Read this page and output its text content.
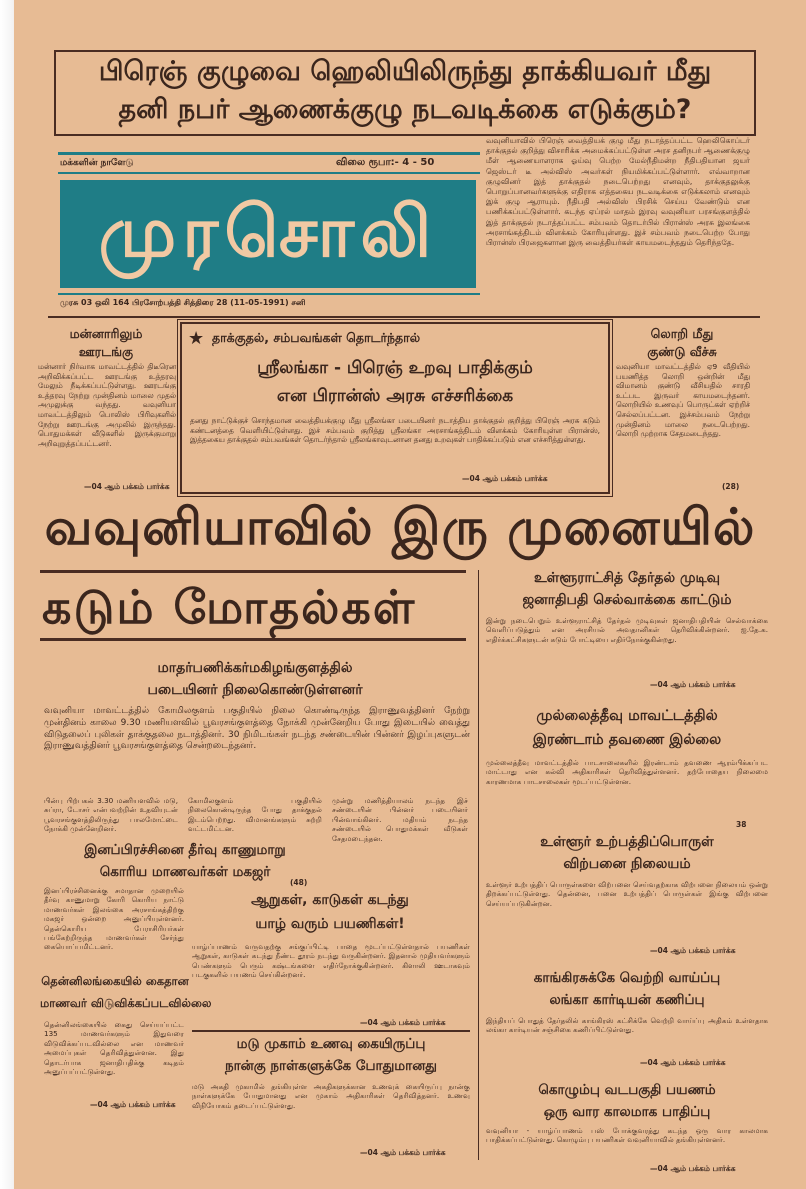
பிரெஞ் குழுவை ஹெலியிலிருந்து தாக்கியவர் மீது
தனி நபர் ஆணைக்குழு நடவடிக்கை எடுக்கும்?
மக்களின் நாளேடு	விலை ரூபா:- 4 - 50
முரசொலி
முரசு 03 ஒலி 164 பிரசோற்பத்தி சித்திரை 28 (11-05-1991) சனி
வவுனியாவில் பிரெஞ் வைத்தியக் குழு மீது நடாத்தப்பட்ட ஹெலிகொப்டர் தாக்குதல் குறித்து விசாரிக்க அமைக்கப்பட்டுள்ள அரச தனிநபர் ஆணைக்குழு மீள் ஆணையாளராக ஓய்வு பெற்ற மேல்நீதிமன்ற நீதிபதியான ஜயர் ஜெஸ்டர் டீ அல்விஸ் அவர்கள் நியமிக்கப்பட்டுள்ளார். எவ்வாறான குழுவினர் இத் தாக்குதல் நடைபெற்றது எனவும், தாக்குதலுக்கு பொறுப்பானவர்களுக்கு எதிராக எத்தகைய நடவடிக்கை எடுக்கலாம் எனவும் இக் குழு ஆராயும். நீதிபதி அல்விஸ் பிரசிக் செய்ய வேண்டும் என பணிக்கப்பட்டுள்ளார். கடந்த ஏப்ரல் மாதம் இரவு வவுனியா பரசங்குளத்தில் இத் தாக்குதல் நடாத்தப்பட்ட சம்பவம் தொடர்பில் பிரான்ஸ் அரசு இலங்கை அரசாங்கத்திடம் விளக்கம் கோரியுள்ளது. இச் சம்பவம் நடைபெற்ற போது பிரான்ஸ் பிரஜைகளான இரு வைத்தியர்கள் காயமடைந்ததும் தெரிந்ததே.
மன்னாரிலும்
ஊரடங்கு
மன்னார் நிர்வாக மாவட்டத்தில் திடீரென அறிவிக்கப்பட்ட ஊரடங்கு உத்தரவு மேலும் நீடிக்கப்பட்டுள்ளது. ஊரடங்கு உத்தரவு நேற்று முன்தினம் மாலை முதல் அமுலுக்கு வந்தது. வவுனியா மாவட்டத்திலும் பொலிஸ் பிரிவுகளில் நேற்று ஊரடங்கு அமுலில் இருந்தது. பொதுமக்கள் வீடுகளில் இருக்குமாறு அறிவுறுத்தப்பட்டனர்.
—04 ஆம் பக்கம் பார்க்க
★ தாக்குதல், சம்பவங்கள் தொடர்ந்தால்
ஸ்ரீலங்கா - பிரெஞ் உறவு பாதிக்கும்
என பிரான்ஸ் அரசு எச்சரிக்கை
தனது நாட்டுக்குச் சொந்தமான வைத்தியக்குழு மீது ஸ்ரீலங்கா படையினர் நடாத்திய தாக்குதல் குறித்து பிரெஞ் அரசு கடும் கண்டனத்தை வெளியிட்டுள்ளது. இச் சம்பவம் குறித்து ஸ்ரீலங்கா அரசாங்கத்திடம் விளக்கம் கோரியுள்ள பிரான்ஸ், இத்தகைய தாக்குதல் சம்பவங்கள் தொடர்ந்தால் ஸ்ரீலங்காவுடனான தனது உறவுகள் பாதிக்கப்படும் என எச்சரித்துள்ளது.
—04 ஆம் பக்கம் பார்க்க
லொறி மீது
குண்டு வீச்சு
வவுனியா மாவட்டத்தில் ஏ9 வீதியில் பயணித்த லொறி ஒன்றின் மீது விமானம் குண்டு வீசியதில் சாரதி உட்பட இருவர் காயமடைந்தனர். லொறியில் உணவுப் பொருட்கள் ஏற்றிச் செல்லப்பட்டன. இச்சம்பவம் நேற்று முன்தினம் மாலை நடைபெற்றது. லொறி முற்றாக சேதமடைந்தது.
(28)
வவுனியாவில் இரு முனையில்
கடும் மோதல்கள்
மாதர்பணிக்கர்மகிழங்குளத்தில்
படையினர் நிலைகொண்டுள்ளனர்
வவுனியா மாவட்டத்தில் கோமிலகுளம் பகுதியில் நிலை கொண்டிருந்த இராணுவத்தினர் நேற்று முன்தினம் காலை 9.30 மணியளவில் பூவரசங்குளத்தை நோக்கி முன்னேறிய போது இடையில் வைத்து விடுதலைப் புலிகள் தாக்குதலை நடாத்தினர். 30 நிமிடங்கள் நடந்த சண்டையின் பின்னர் இழப்புகளுடன் இராணுவத்தினர் பூவரசங்குளத்தை சென்றடைந்தனர்.
பின்பு பிற்பகல் 3.30 மணியளவில் மடு, சுப்ரா, டோசர் என்பவற்றின் உதவியுடன் பூவரசங்குளத்திலிருந்து பாலமோட்டை நோக்கி முன்னேறினர்.
கோமிலகுளம் பகுதியில் நிலைகொண்டிருந்த போது தாக்குதல் இடம்பெற்றது. விமானங்களும் சுற்றி வட்டமிட்டன.
முன்று மணித்தியாலம் நடந்த இச் சண்டையின் பின்னர் படையினர் பின்வாங்கினர். மதியம் நடந்த சண்டையில் பொதுமக்கள் வீடுகள் சேதமடைந்தன.
இனப்பிரச்சினை தீர்வு காணுமாறு
கொரிய மாணவர்கள் மகஜர்
இனப்பிரச்சினைக்கு சமாதான முறையில் தீர்வு காணுமாறு கோரி கொரிய நாட்டு மாணவர்கள் இலங்கை அரசாங்கத்திற்கு மகஜர் ஒன்றை அனுப்பியுள்ளனர். தென்கொரிய பேராசிரியர்கள் பங்கேற்றிருந்த மாணவர்கள் சேர்ந்து கையொப்பமிட்டனர்.
(48)
ஆறுகள், காடுகள் கடந்து
யாழ் வரும் பயணிகள்!
யாழ்ப்பாணம் வருவதற்கு சங்குப்பிட்டி பாதை மூடப்பட்டுள்ளதால் பயணிகள் ஆறுகள், காடுகள் கடந்து நீண்ட தூரம் நடந்து வருகின்றனர். இதனால் முதியவர்களும் பெண்களும் பெரும் கஷ்டங்களை எதிர்நோக்குகின்றனர். கிளாலி ஊடாகவும் படகுகளில் பயணம் செய்கின்றனர்.
—04 ஆம் பக்கம் பார்க்க
தென்னிலங்கையில் கைதான
மாணவர் விடுவிக்கப்படவில்லை
தென்னிலங்கையில் கைது செய்யப்பட்ட 135 மாணவர்களும் இதுவரை விடுவிக்கப்படவில்லை என மாணவர் அமைப்புகள் தெரிவித்துள்ளன. இது தொடர்பாக ஜனாதிபதிக்கு கடிதம் அனுப்பப்பட்டுள்ளது.
—04 ஆம் பக்கம் பார்க்க
மடு முகாம் உணவு கையிருப்பு
நான்கு நாள்களுக்கே போதுமானது
மடு அகதி முகாமில் தங்கியுள்ள அகதிகளுக்கான உணவுக் கையிருப்பு நான்கு நாள்களுக்கே போதுமானது என முகாம் அதிகாரிகள் தெரிவித்தனர். உணவு விநியோகம் தடைப்பட்டுள்ளது.
—04 ஆம் பக்கம் பார்க்க
உள்ளூராட்சித் தேர்தல் முடிவு
ஜனாதிபதி செல்வாக்கை காட்டும்
இன்று நடைபெறும் உள்ளூராட்சித் தேர்தல் முடிவுகள் ஜனாதிபதியின் செல்வாக்கை வெளிப்படுத்தும் என அரசியல் அவதானிகள் தெரிவிக்கின்றனர். ஐ.தே.க. எதிர்க்கட்சிகளுடன் கடும் போட்டியை எதிர்நோக்குகின்றது.
—04 ஆம் பக்கம் பார்க்க
முல்லைத்தீவு மாவட்டத்தில்
இரண்டாம் தவணை இல்லை
முல்லைத்தீவு மாவட்டத்தில் பாடசாலைகளில் இரண்டாம் தவணை ஆரம்பிக்கப்பட மாட்டாது என கல்வி அதிகாரிகள் தெரிவித்துள்ளனர். தற்போதைய நிலைமை காரணமாக பாடசாலைகள் மூடப்பட்டுள்ளன.
38
உள்ளூர் உற்பத்திப்பொருள்
விற்பனை நிலையம்
உள்ளூர் உற்பத்திப் பொருள்களை விற்பனை செய்வதற்காக விற்பனை நிலையம் ஒன்று திறக்கப்பட்டுள்ளது. தென்னை, பனை உற்பத்திப் பொருள்கள் இங்கு விற்பனை செய்யப்படுகின்றன.
—04 ஆம் பக்கம் பார்க்க
காங்கிரசுக்கே வெற்றி வாய்ப்பு
லங்கா கார்டியன் கணிப்பு
இந்தியப் பொதுத் தேர்தலில் காங்கிரஸ் கட்சிக்கே வெற்றி வாய்ப்பு அதிகம் உள்ளதாக லங்கா கார்டியன் சஞ்சிகை கணிப்பிட்டுள்ளது.
—04 ஆம் பக்கம் பார்க்க
கொழும்பு வடபகுதி பயணம்
ஒரு வார காலமாக பாதிப்பு
வவுனியா - யாழ்ப்பாணம் பஸ் போக்குவரத்து கடந்த ஒரு வார காலமாக பாதிக்கப்பட்டுள்ளது. கொழும்பு பயணிகள் வவுனியாவில் தங்கியுள்ளனர்.
—04 ஆம் பக்கம் பார்க்க
